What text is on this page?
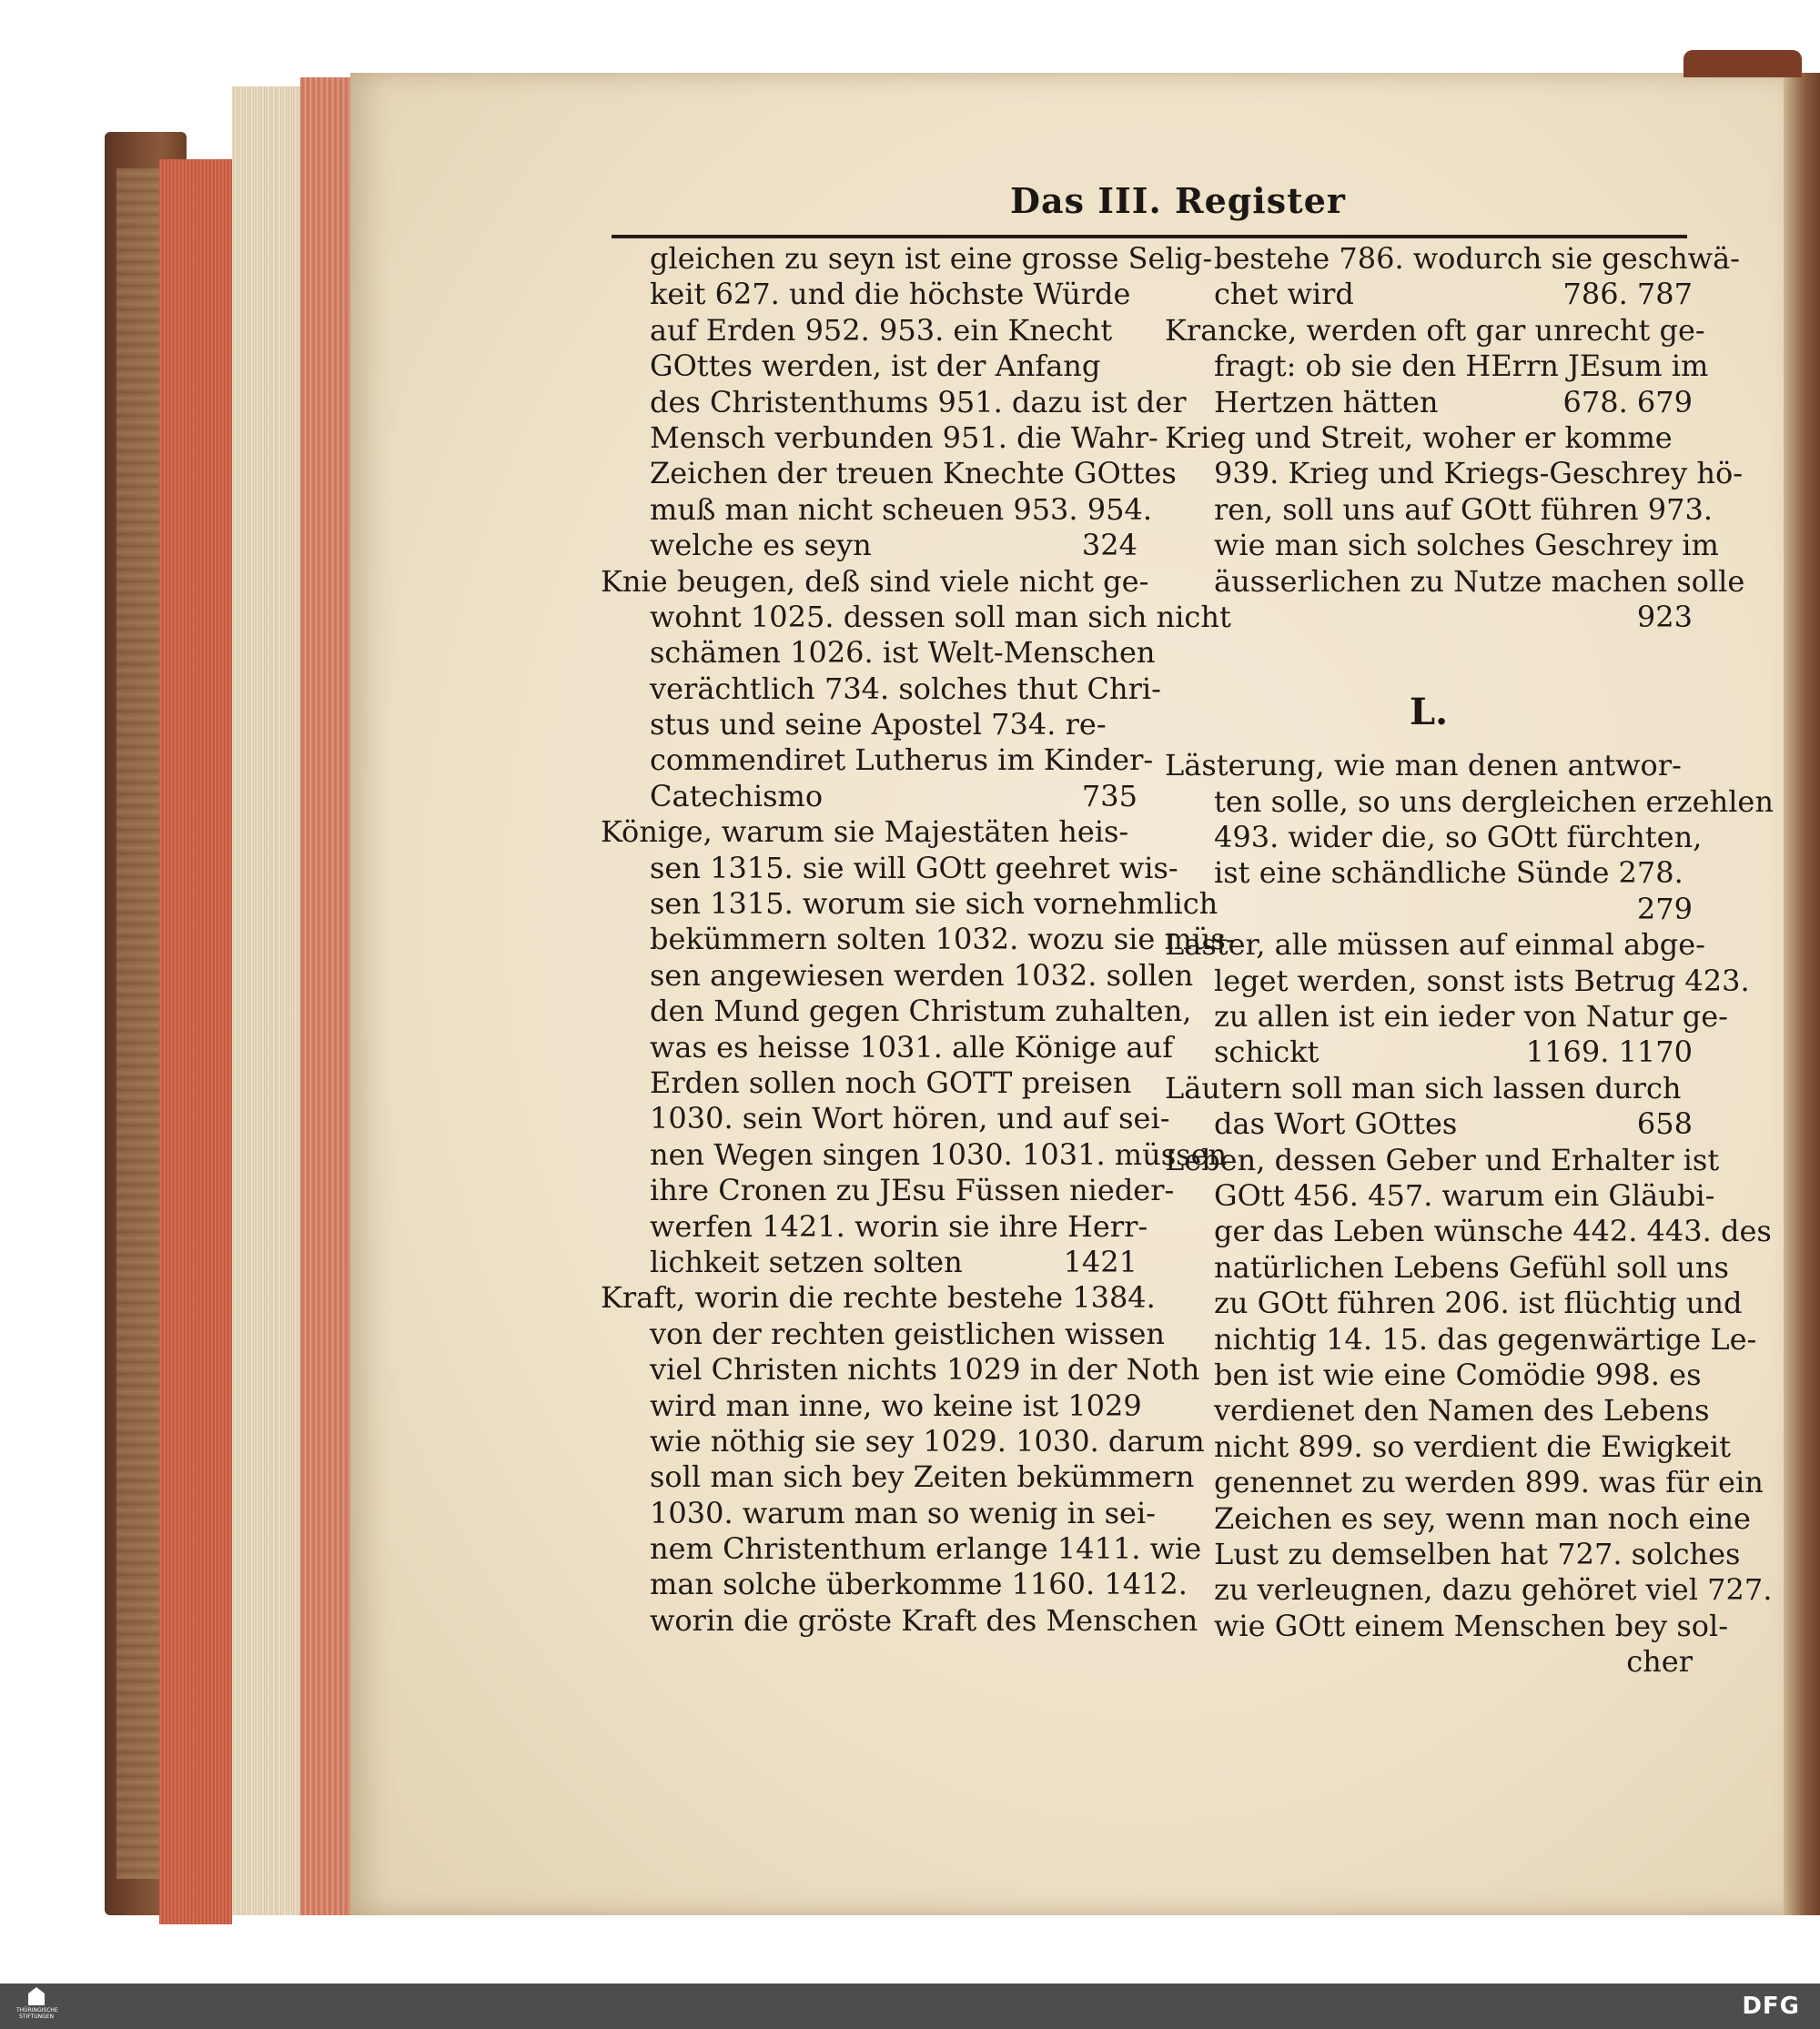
Das III. Register
gleichen zu seyn ist eine grosse Selig-
keit 627. und die höchste Würde
auf Erden 952. 953. ein Knecht
GOttes werden, ist der Anfang
des Christenthums 951. dazu ist der
Mensch verbunden 951. die Wahr-
Zeichen der treuen Knechte GOttes
muß man nicht scheuen 953. 954.
welche es seyn	324
Knie beugen, deß sind viele nicht ge-
wohnt 1025. dessen soll man sich nicht
schämen 1026. ist Welt-Menschen
verächtlich 734. solches thut Chri-
stus und seine Apostel 734. re-
commendiret Lutherus im Kinder-
Catechismo	735
Könige, warum sie Majestäten heis-
sen 1315. sie will GOtt geehret wis-
sen 1315. worum sie sich vornehmlich
bekümmern solten 1032. wozu sie müs-
sen angewiesen werden 1032. sollen
den Mund gegen Christum zuhalten,
was es heisse 1031. alle Könige auf
Erden sollen noch GOTT preisen
1030. sein Wort hören, und auf sei-
nen Wegen singen 1030. 1031. müssen
ihre Cronen zu JEsu Füssen nieder-
werfen 1421. worin sie ihre Herr-
lichkeit setzen solten	1421
Kraft, worin die rechte bestehe 1384.
von der rechten geistlichen wissen
viel Christen nichts 1029 in der Noth
wird man inne, wo keine ist 1029
wie nöthig sie sey 1029. 1030. darum
soll man sich bey Zeiten bekümmern
1030. warum man so wenig in sei-
nem Christenthum erlange 1411. wie
man solche überkomme 1160. 1412.
worin die gröste Kraft des Menschen
bestehe 786. wodurch sie geschwä-
chet wird	786. 787
Krancke, werden oft gar unrecht ge-
fragt: ob sie den HErrn JEsum im
Hertzen hätten	678. 679
Krieg und Streit, woher er komme
939. Krieg und Kriegs-Geschrey hö-
ren, soll uns auf GOtt führen 973.
wie man sich solches Geschrey im
äusserlichen zu Nutze machen solle
923
L.
Lästerung, wie man denen antwor-
ten solle, so uns dergleichen erzehlen
493. wider die, so GOtt fürchten,
ist eine schändliche Sünde 278.
279
Laster, alle müssen auf einmal abge-
leget werden, sonst ists Betrug 423.
zu allen ist ein ieder von Natur ge-
schickt	1169. 1170
Läutern soll man sich lassen durch
das Wort GOttes	658
Leben, dessen Geber und Erhalter ist
GOtt 456. 457. warum ein Gläubi-
ger das Leben wünsche 442. 443. des
natürlichen Lebens Gefühl soll uns
zu GOtt führen 206. ist flüchtig und
nichtig 14. 15. das gegenwärtige Le-
ben ist wie eine Comödie 998. es
verdienet den Namen des Lebens
nicht 899. so verdient die Ewigkeit
genennet zu werden 899. was für ein
Zeichen es sey, wenn man noch eine
Lust zu demselben hat 727. solches
zu verleugnen, dazu gehöret viel 727.
wie GOtt einem Menschen bey sol-
cher
THÜRINGISCHE STIFTUNGEN	DFG
